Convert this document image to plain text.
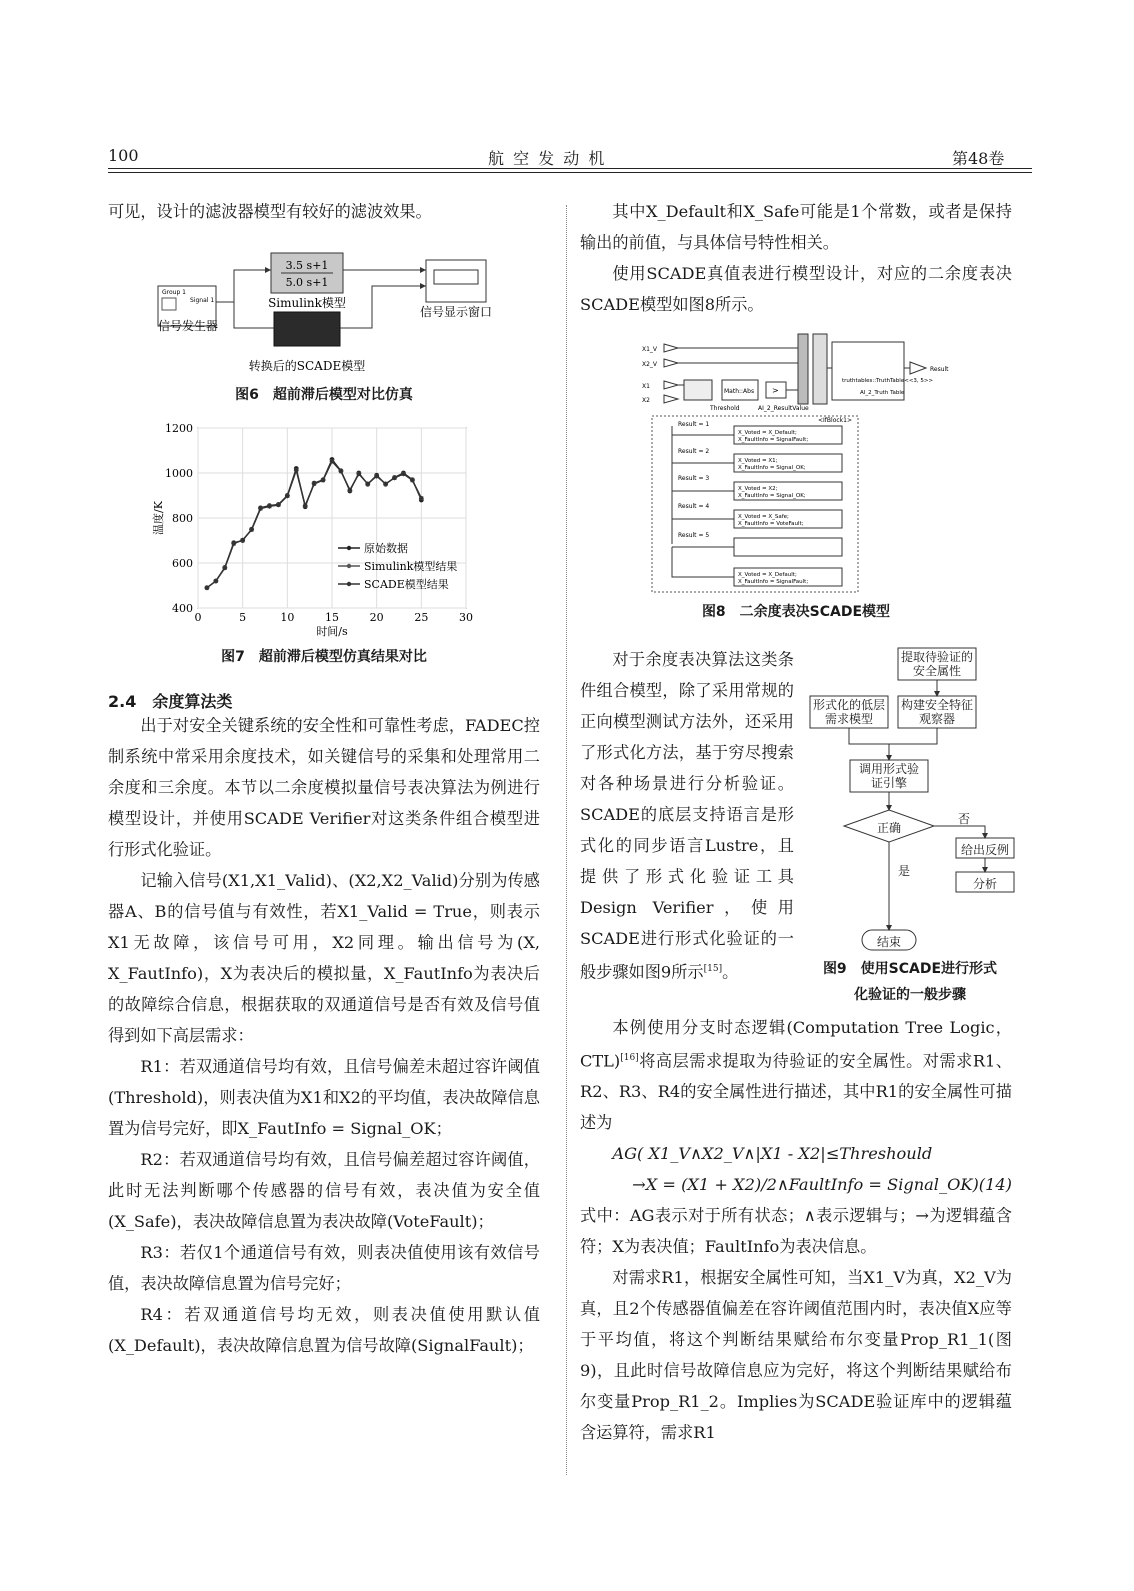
100	航 空 发 动 机	第48卷

可见，设计的滤波器模型有较好的滤波效果。

Group 1
Signal 1
3.5 s+1
5.0 s+1
Simulink模型
转换后的SCADE模型
信号发生器
信号显示窗口
图6　超前滞后模型对比仿真
0	5	10	15	20	25	30
400
600
800
1000
1200
时间/s
温度/K
原始数据
Simulink模型结果
SCADE模型结果
图7　超前滞后模型仿真结果对比
2.4　余度算法类

出于对安全关键系统的安全性和可靠性考虑，FADEC控制系统中常采用余度技术，如关键信号的采集和处理常用二余度和三余度。本节以二余度模拟量信号表决算法为例进行模型设计，并使用SCADE Verifier对这类条件组合模型进行形式化验证。

记输入信号(X1,X1_Valid)、(X2,X2_Valid)分别为传感器A、B的信号值与有效性，若X1_Valid = True，则表示X1无故障，该信号可用，X2同理。输出信号为(X, X_FautInfo)，X为表决后的模拟量，X_FautInfo为表决后的故障综合信息，根据获取的双通道信号是否有效及信号值得到如下高层需求：

R1：若双通道信号均有效，且信号偏差未超过容许阈值(Threshold)，则表决值为X1和X2的平均值，表决故障信息置为信号完好，即X_FautInfo = Signal_OK；

R2：若双通道信号均有效，且信号偏差超过容许阈值，此时无法判断哪个传感器的信号有效，表决值为安全值(X_Safe)，表决故障信息置为表决故障(VoteFault)；

R3：若仅1个通道信号有效，则表决值使用该有效信号值，表决故障信息置为信号完好；

R4：若双通道信号均无效，则表决值使用默认值(X_Default)，表决故障信息置为信号故障(SignalFault)；

其中X_Default和X_Safe可能是1个常数，或者是保持输出的前值，与具体信号特性相关。

使用SCADE真值表进行模型设计，对应的二余度表决SCADE模型如图8所示。

X1_V
X2_V
X1
X2
Math::Abs >
Threshold	AI_2_ResultValue
truthtables::TruthTable<<3, 5>>
AI_2_Truth Table
Result
<IfBlock1>
Result = 1
Result = 2
Result = 3
Result = 4
Result = 5
X_Voted = X_Default;
X_FaultInfo = SignalFault;
X_Voted = X1;
X_FaultInfo = Signal_OK;
X_Voted = X2;
X_FaultInfo = Signal_OK;
X_Voted = X_Safe;
X_FaultInfo = VoteFault;
X_Voted = X_Default;
X_FaultInfo = SignalFault;
图8　二余度表决SCADE模型

对于余度表决算法这类条件组合模型，除了采用常规的正向模型测试方法外，还采用了形式化方法，基于穷尽搜索对各种场景进行分析验证。SCADE的底层支持语言是形式化的同步语言Lustre，且提供了形式化验证工具Design Verifier，使用SCADE进行形式化验证的一般步骤如图9所示[15]。

提取待验证的安全属性
形式化的低层需求模型
构建安全特征观察器
调用形式验证引擎
正确
否
是
给出反例
分析
结束
图9　使用SCADE进行形式
化验证的一般步骤

本例使用分支时态逻辑(Computation Tree Logic，CTL)[16]将高层需求提取为待验证的安全属性。对需求R1、R2、R3、R4的安全属性进行描述，其中R1的安全属性可描述为

AG( X1_V∧X2_V∧|X1 - X2|≤Threshould

→X = (X1 + X2)/2∧FaultInfo = Signal_OK)(14)

式中：AG表示对于所有状态；∧表示逻辑与；→为逻辑蕴含符；X为表决值；FaultInfo为表决信息。

对需求R1，根据安全属性可知，当X1_V为真，X2_V为真，且2个传感器值偏差在容许阈值范围内时，表决值X应等于平均值，将这个判断结果赋给布尔变量Prop_R1_1(图9)，且此时信号故障信息应为完好，将这个判断结果赋给布尔变量Prop_R1_2。Implies为SCADE验证库中的逻辑蕴含运算符，需求R1
